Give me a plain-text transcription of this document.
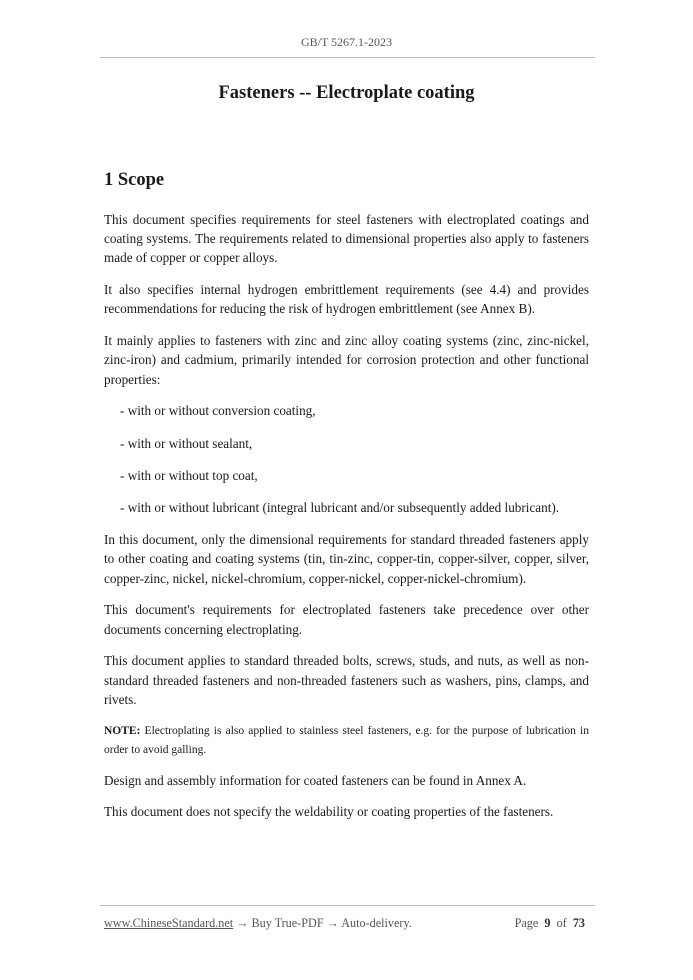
GB/T 5267.1-2023
Fasteners -- Electroplate coating
1 Scope

This document specifies requirements for steel fasteners with electroplated coatings and coating systems. The requirements related to dimensional properties also apply to fasteners made of copper or copper alloys.

It also specifies internal hydrogen embrittlement requirements (see 4.4) and provides recommendations for reducing the risk of hydrogen embrittlement (see Annex B).

It mainly applies to fasteners with zinc and zinc alloy coating systems (zinc, zinc-nickel, zinc-iron) and cadmium, primarily intended for corrosion protection and other functional properties:

- with or without conversion coating,

- with or without sealant,

- with or without top coat,

- with or without lubricant (integral lubricant and/or subsequently added lubricant).

In this document, only the dimensional requirements for standard threaded fasteners apply to other coating and coating systems (tin, tin-zinc, copper-tin, copper-silver, copper, silver, copper-zinc, nickel, nickel-chromium, copper-nickel, copper-nickel-chromium).

This document's requirements for electroplated fasteners take precedence over other documents concerning electroplating.

This document applies to standard threaded bolts, screws, studs, and nuts, as well as non-standard threaded fasteners and non-threaded fasteners such as washers, pins, clamps, and rivets.

NOTE: Electroplating is also applied to stainless steel fasteners, e.g. for the purpose of lubrication in order to avoid galling.

Design and assembly information for coated fasteners can be found in Annex A.

This document does not specify the weldability or coating properties of the fasteners.

www.ChineseStandard.net → Buy True-PDF → Auto-delivery.	Page 9 of 73
